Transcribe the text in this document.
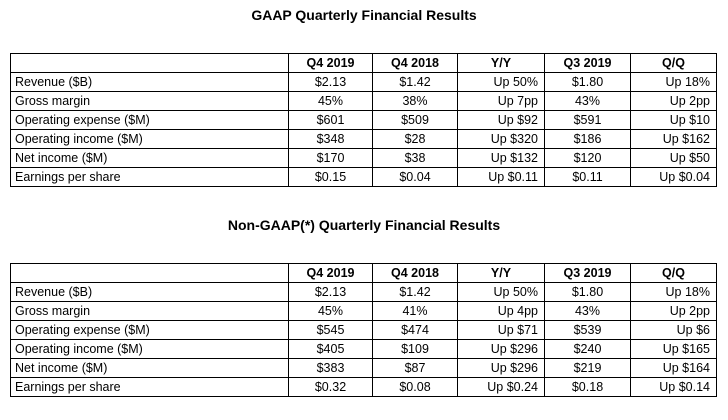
GAAP Quarterly Financial Results
	Q4 2019	Q4 2018	Y/Y	Q3 2019	Q/Q
Revenue ($B)	$2.13	$1.42	Up 50%	$1.80	Up 18%
Gross margin	45%	38%	Up 7pp	43%	Up 2pp
Operating expense ($M)	$601	$509	Up $92	$591	Up $10
Operating income ($M)	$348	$28	Up $320	$186	Up $162
Net income ($M)	$170	$38	Up $132	$120	Up $50
Earnings per share	$0.15	$0.04	Up $0.11	$0.11	Up $0.04
Non-GAAP(*) Quarterly Financial Results
	Q4 2019	Q4 2018	Y/Y	Q3 2019	Q/Q
Revenue ($B)	$2.13	$1.42	Up 50%	$1.80	Up 18%
Gross margin	45%	41%	Up 4pp	43%	Up 2pp
Operating expense ($M)	$545	$474	Up $71	$539	Up $6
Operating income ($M)	$405	$109	Up $296	$240	Up $165
Net income ($M)	$383	$87	Up $296	$219	Up $164
Earnings per share	$0.32	$0.08	Up $0.24	$0.18	Up $0.14
